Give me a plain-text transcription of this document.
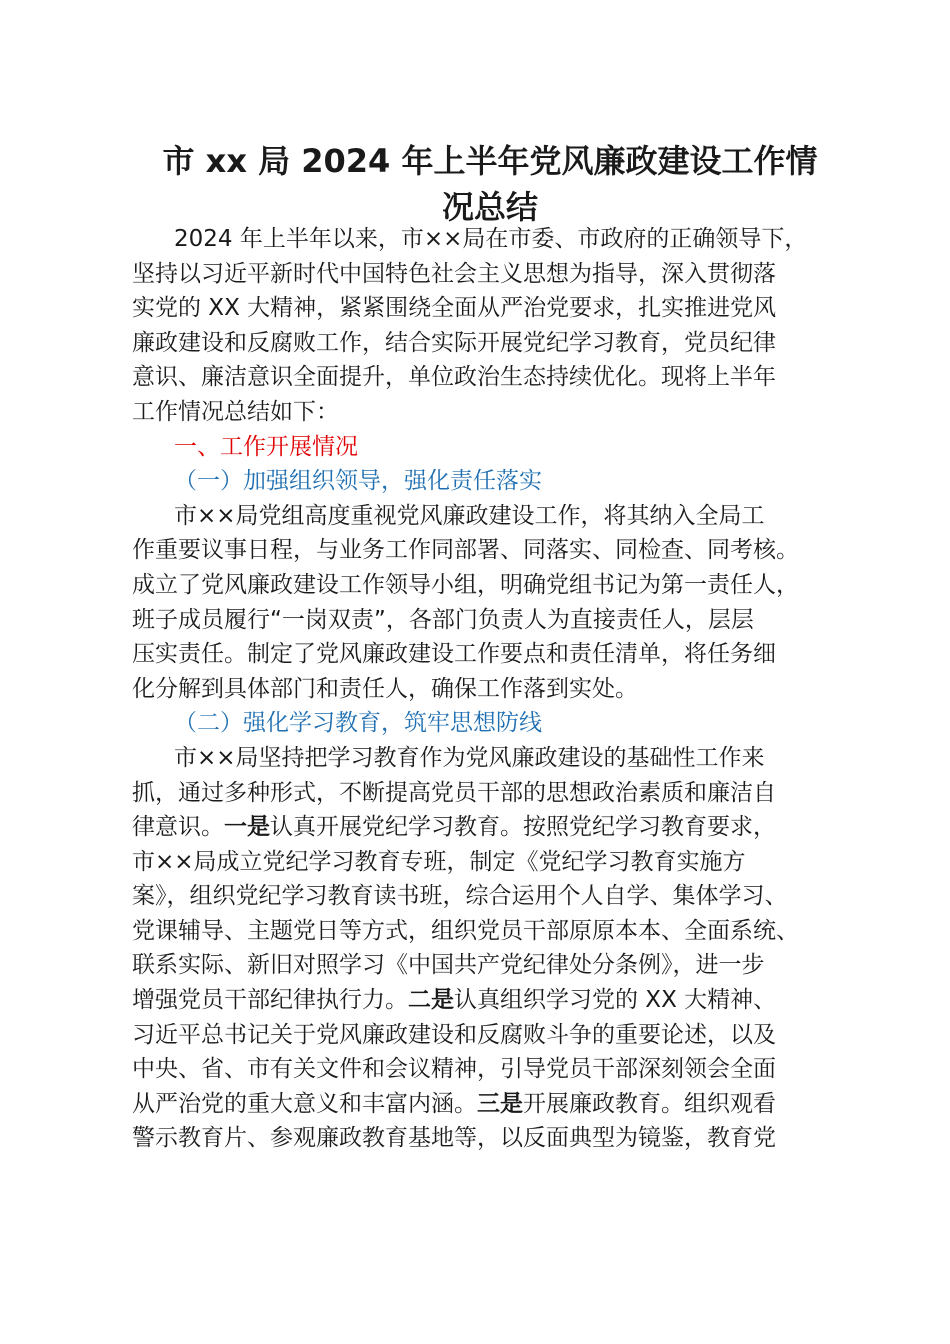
市 xx 局 2024 年上半年党风廉政建设工作情
况总结
2024 年上半年以来，市××局在市委、市政府的正确领导下，
坚持以习近平新时代中国特色社会主义思想为指导，深入贯彻落
实党的 XX 大精神，紧紧围绕全面从严治党要求，扎实推进党风
廉政建设和反腐败工作，结合实际开展党纪学习教育，党员纪律
意识、廉洁意识全面提升，单位政治生态持续优化。现将上半年
工作情况总结如下：
一、工作开展情况
（一）加强组织领导，强化责任落实
市××局党组高度重视党风廉政建设工作，将其纳入全局工
作重要议事日程，与业务工作同部署、同落实、同检查、同考核。
成立了党风廉政建设工作领导小组，明确党组书记为第一责任人，
班子成员履行“一岗双责”，各部门负责人为直接责任人，层层
压实责任。制定了党风廉政建设工作要点和责任清单，将任务细
化分解到具体部门和责任人，确保工作落到实处。
（二）强化学习教育，筑牢思想防线
市××局坚持把学习教育作为党风廉政建设的基础性工作来
抓，通过多种形式，不断提高党员干部的思想政治素质和廉洁自
律意识。一是认真开展党纪学习教育。按照党纪学习教育要求，
市××局成立党纪学习教育专班，制定《党纪学习教育实施方
案》，组织党纪学习教育读书班，综合运用个人自学、集体学习、
党课辅导、主题党日等方式，组织党员干部原原本本、全面系统、
联系实际、新旧对照学习《中国共产党纪律处分条例》，进一步
增强党员干部纪律执行力。二是认真组织学习党的 XX 大精神、
习近平总书记关于党风廉政建设和反腐败斗争的重要论述，以及
中央、省、市有关文件和会议精神，引导党员干部深刻领会全面
从严治党的重大意义和丰富内涵。三是开展廉政教育。组织观看
警示教育片、参观廉政教育基地等，以反面典型为镜鉴，教育党
